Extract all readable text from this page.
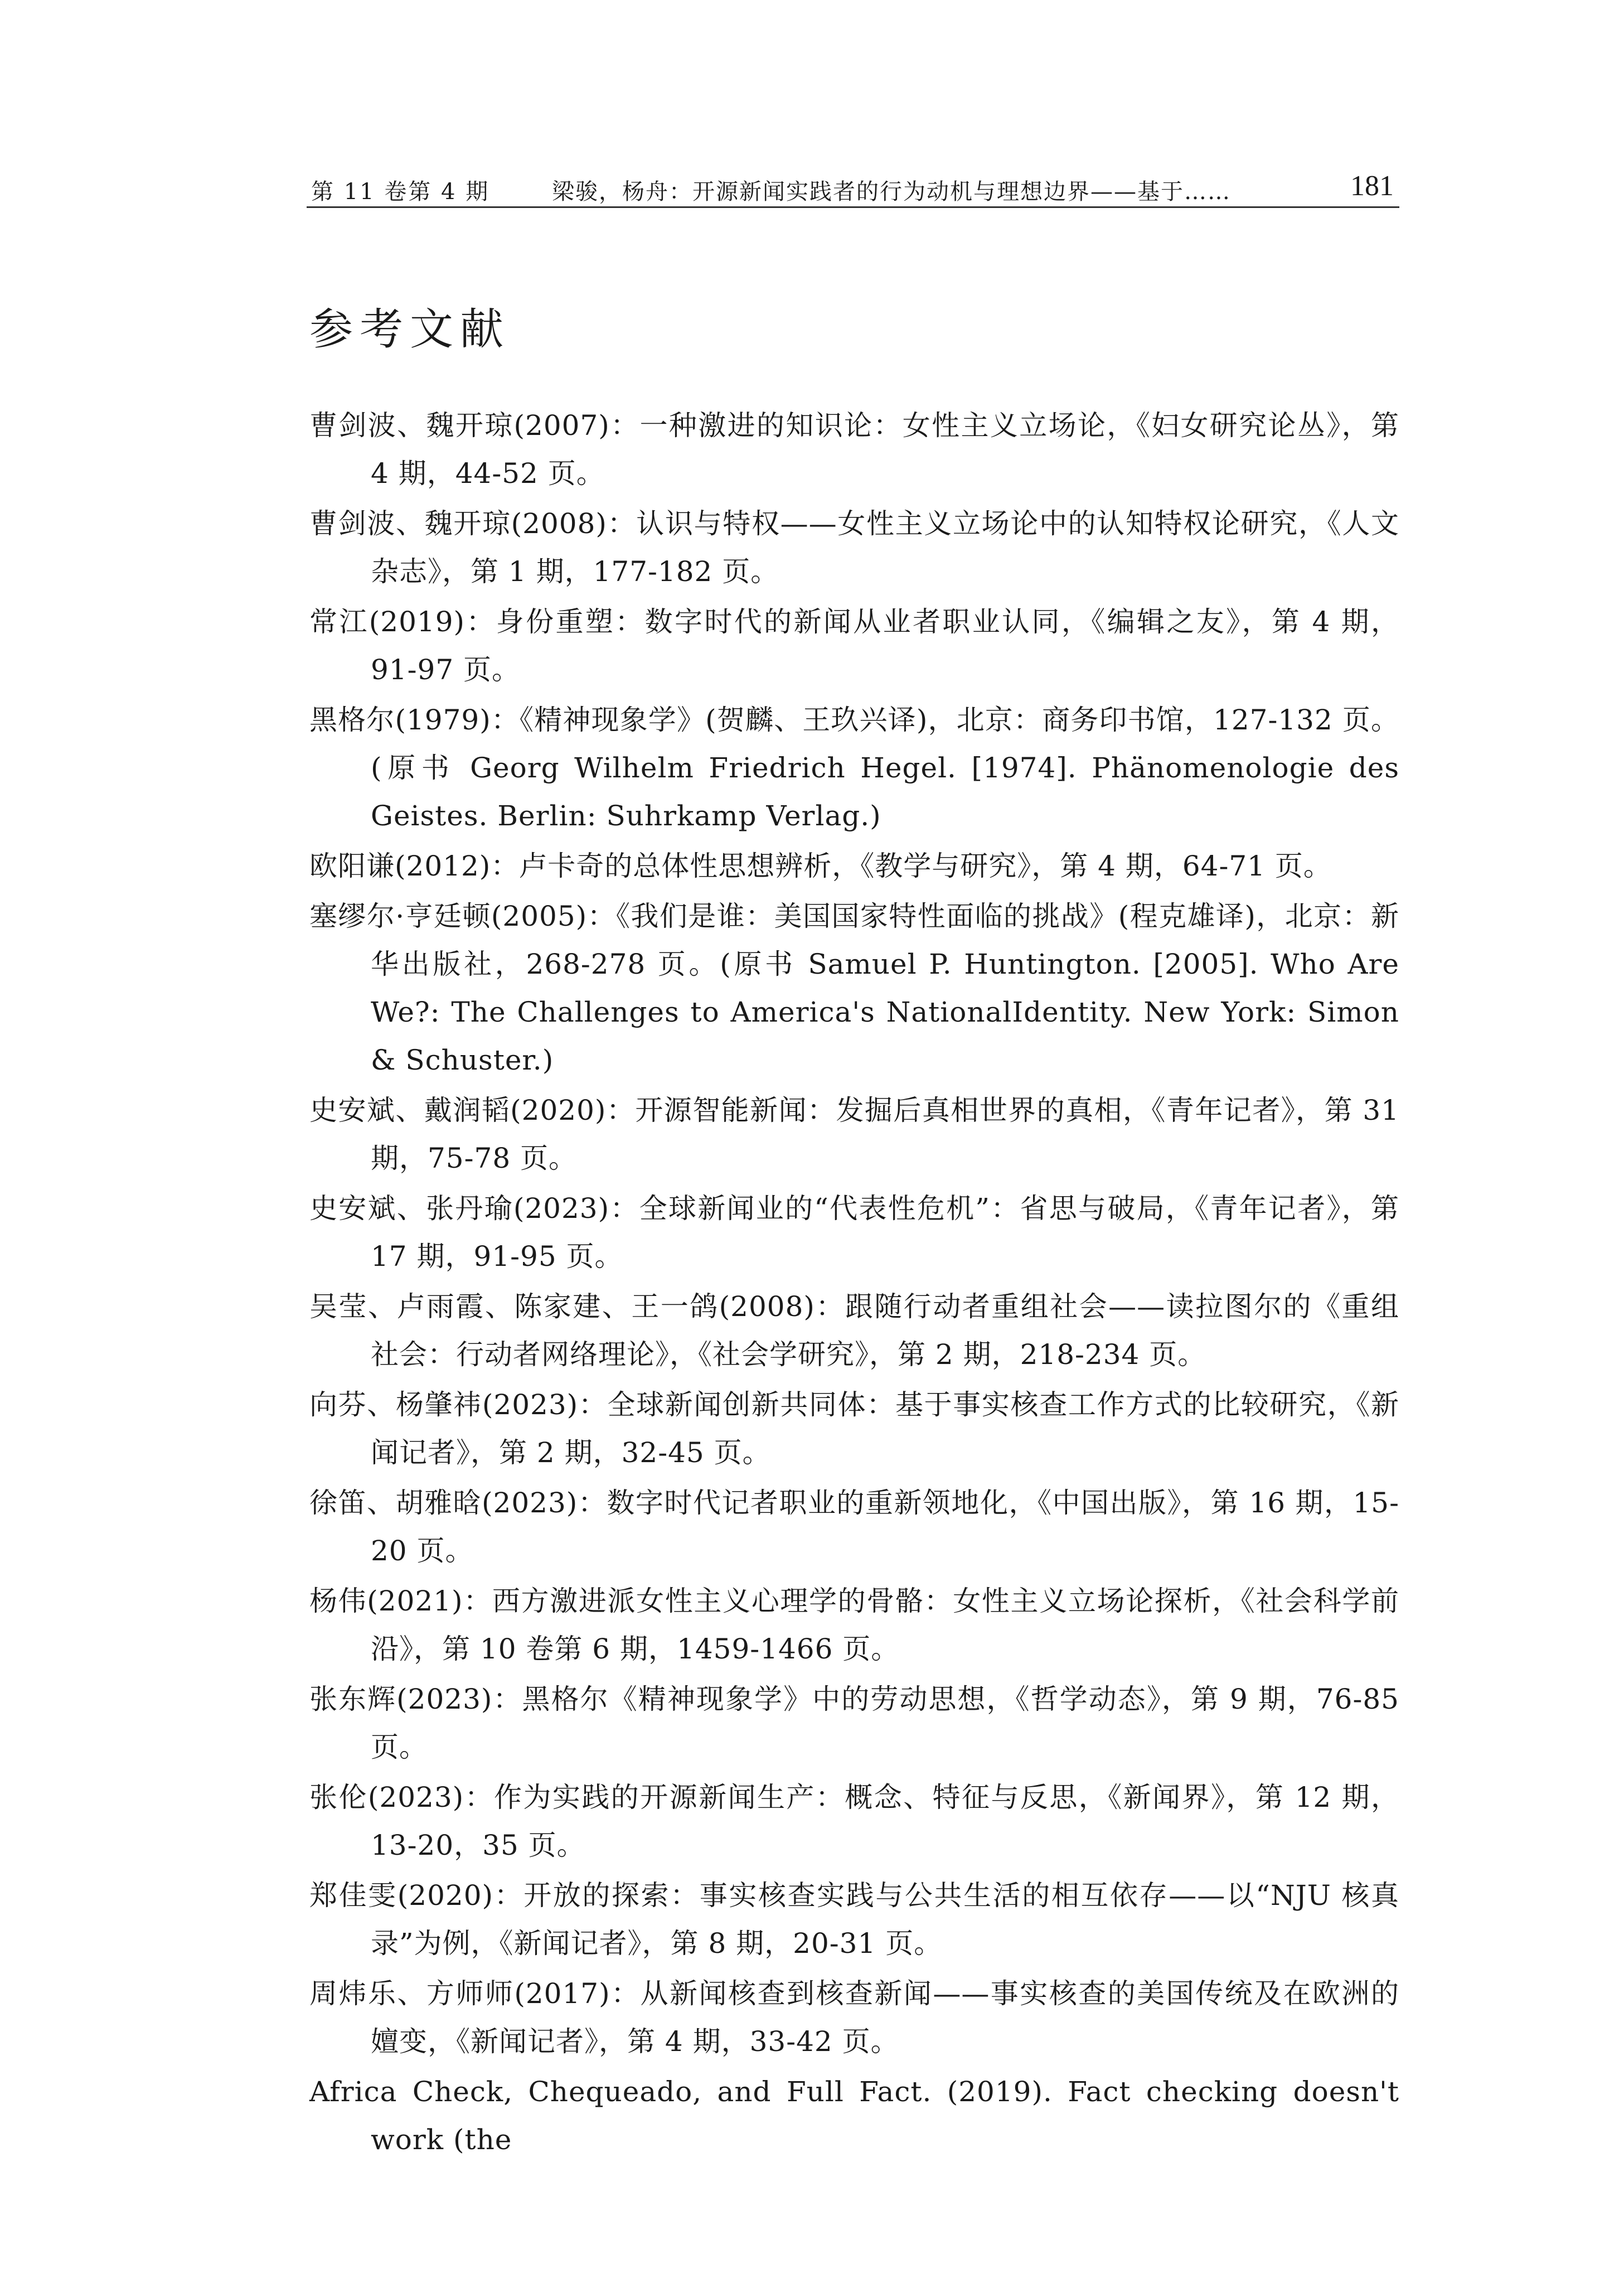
第 11 卷第 4 期	梁骏，杨舟：开源新闻实践者的行为动机与理想边界——基于……	181
参考文献

曹剑波、魏开琼(2007)：一种激进的知识论：女性主义立场论，《妇女研究论丛》，第 4 期，44-52 页。

曹剑波、魏开琼(2008)：认识与特权——女性主义立场论中的认知特权论研究，《人文杂志》，第 1 期，177-182 页。

常江(2019)：身份重塑：数字时代的新闻从业者职业认同，《编辑之友》，第 4 期，91-97 页。

黑格尔(1979)：《精神现象学》(贺麟、王玖兴译)，北京：商务印书馆，127-132 页。(原书 Georg Wilhelm Friedrich Hegel. [1974]. Phänomenologie des Geistes. Berlin: Suhrkamp Verlag.)

欧阳谦(2012)：卢卡奇的总体性思想辨析，《教学与研究》，第 4 期，64-71 页。

塞缪尔·亨廷顿(2005)：《我们是谁：美国国家特性面临的挑战》(程克雄译)，北京：新华出版社，268-278 页。(原书 Samuel P. Huntington. [2005]. Who Are We?: The Challenges to America's NationalIdentity. New York: Simon & Schuster.)

史安斌、戴润韬(2020)：开源智能新闻：发掘后真相世界的真相，《青年记者》，第 31 期，75-78 页。

史安斌、张丹瑜(2023)：全球新闻业的“代表性危机”：省思与破局，《青年记者》，第 17 期，91-95 页。

吴莹、卢雨霞、陈家建、王一鸽(2008)：跟随行动者重组社会——读拉图尔的《重组社会：行动者网络理论》，《社会学研究》，第 2 期，218-234 页。

向芬、杨肇祎(2023)：全球新闻创新共同体：基于事实核查工作方式的比较研究，《新闻记者》，第 2 期，32-45 页。

徐笛、胡雅晗(2023)：数字时代记者职业的重新领地化，《中国出版》，第 16 期，15-20 页。

杨伟(2021)：西方激进派女性主义心理学的骨骼：女性主义立场论探析，《社会科学前沿》，第 10 卷第 6 期，1459-1466 页。

张东辉(2023)：黑格尔《精神现象学》中的劳动思想，《哲学动态》，第 9 期，76-85 页。

张伦(2023)：作为实践的开源新闻生产：概念、特征与反思，《新闻界》，第 12 期，13-20，35 页。

郑佳雯(2020)：开放的探索：事实核查实践与公共生活的相互依存——以“NJU 核真录”为例，《新闻记者》，第 8 期，20-31 页。

周炜乐、方师师(2017)：从新闻核查到核查新闻——事实核查的美国传统及在欧洲的嬗变，《新闻记者》，第 4 期，33-42 页。

Africa Check, Chequeado, and Full Fact. (2019). Fact checking doesn't work (the
